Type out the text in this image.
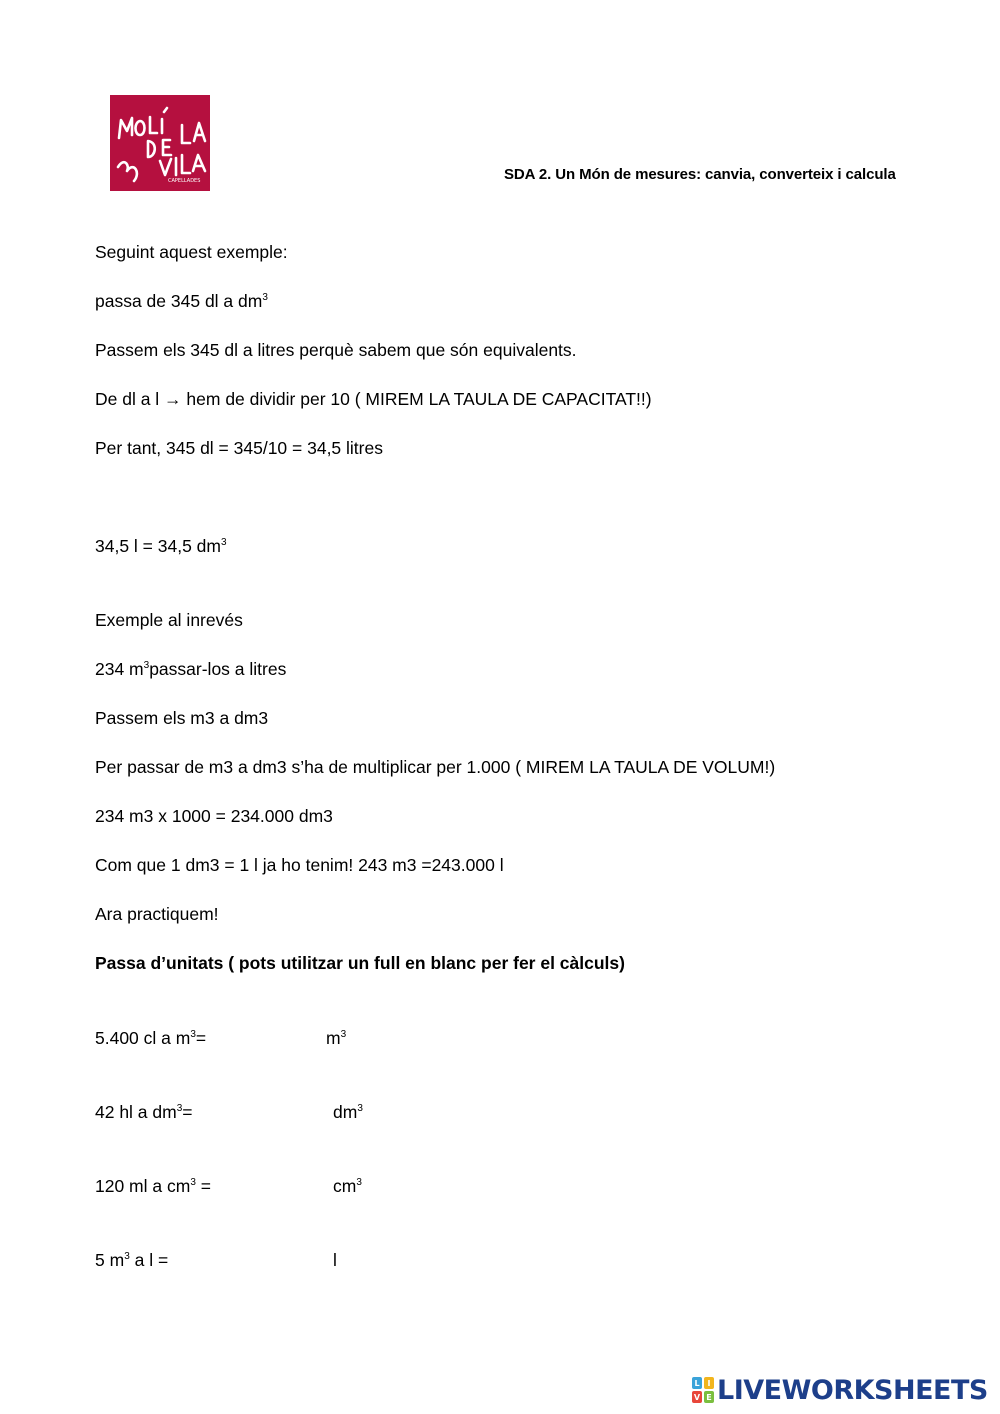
CAPELLADES	SDA 2. Un Món de mesures: canvia, converteix i calcula
Seguint aquest exemple:
passa de 345 dl a $dm^3$
Passem els 345 dl a litres perquè sabem que són equivalents.
De dl a l → hem de dividir per 10 ( MIREM LA TAULA DE CAPACITAT!!)
Per tant, 345 dl = 345/10 = 34,5 litres
34,5 l = 34,5 $dm^3$
Exemple al inrevés
234 $m^3passar$-los a litres
Passem els m3 a dm3
Per passar de m3 a dm3 s’ha de multiplicar per 1.000 ( MIREM LA TAULA DE VOLUM!)
234 m3 x 1000 = 234.000 dm3
Com que 1 dm3 = 1 l ja ho tenim! 243 m3 =243.000 l
Ara practiquem!
Passa d’unitats ( pots utilitzar un full en blanc per fer el càlculs)
5.400 cl a $m^3=$	$m^3$
42 hl a $dm^3=$	$dm^3$
120 ml a $cm^3$ =	$cm^3$
5 $m^3$ a l =	l
L I
V E LIVEWORKSHEETS
